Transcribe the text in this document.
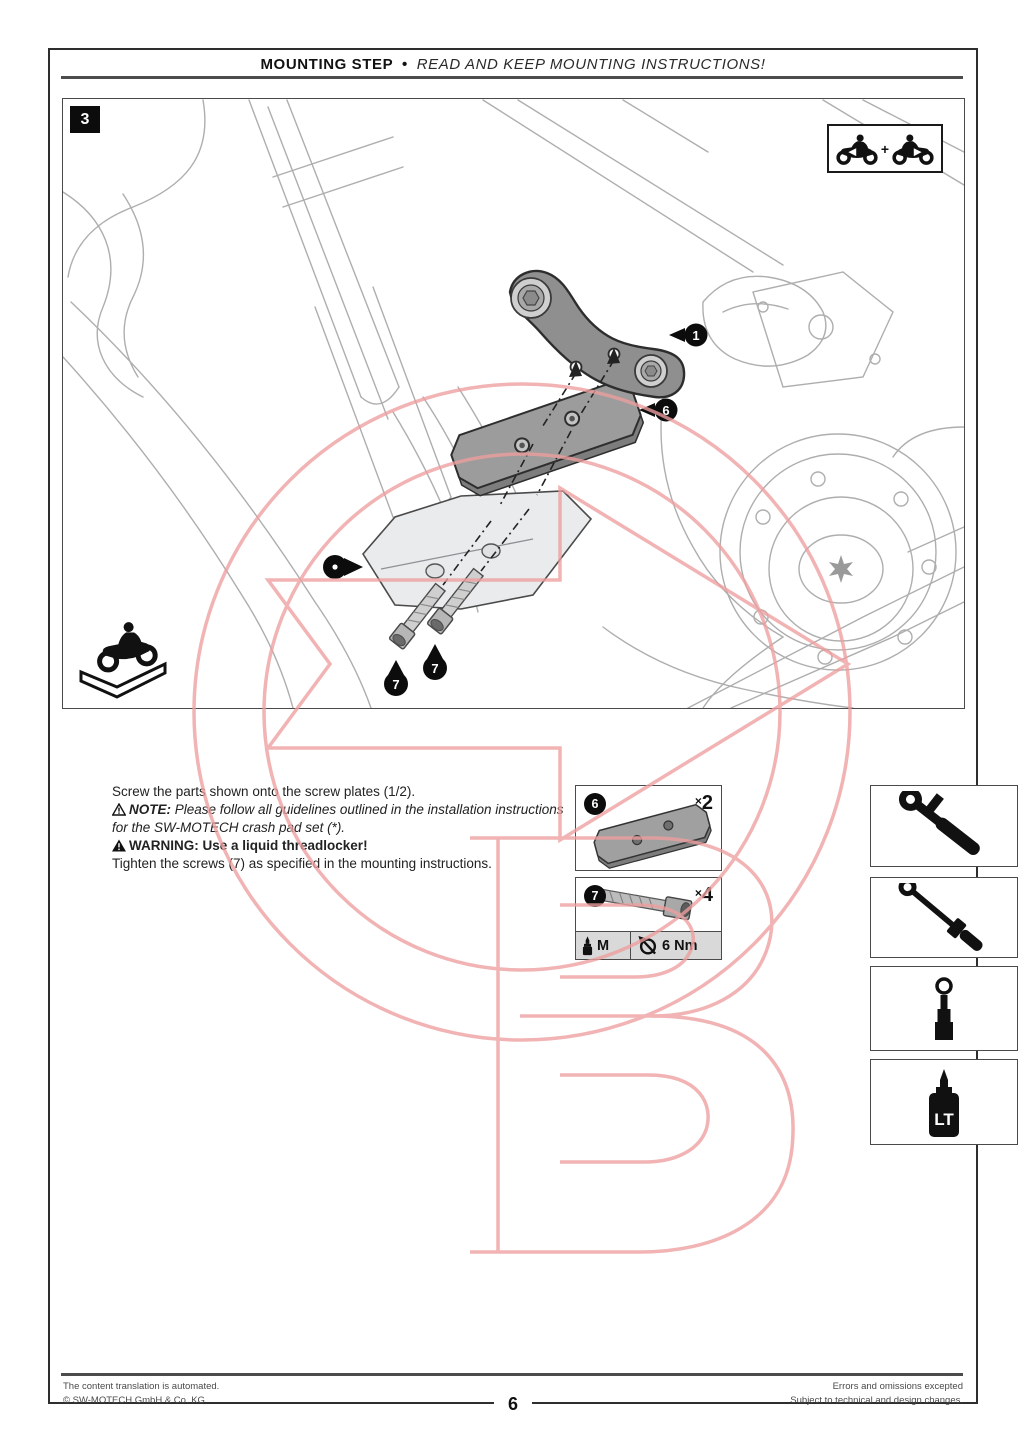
MOUNTING STEP • READ AND KEEP MOUNTING INSTRUCTIONS!
1
6
7
7
3
+

Screw the parts shown onto the screw plates (1/2).

NOTE: Please follow all guidelines outlined in the installation instructions for the SW-MOTECH crash pad set (*).

WARNING: Use a liquid threadlocker!

Tighten the screws (7) as specified in the mounting instructions.

6	×2
7	×4
M	6 Nm
LT
The content translation is automated.
© SW-MOTECH GmbH & Co. KG
Errors and omissions excepted
Subject to technical and design changes.
6
